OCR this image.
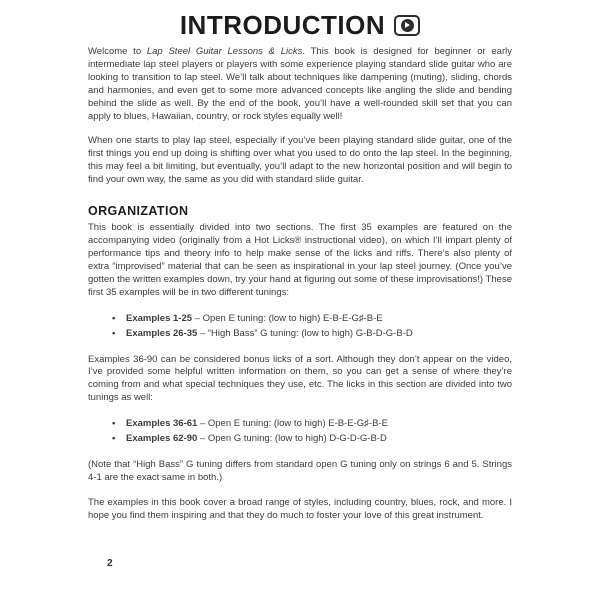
INTRODUCTION

Welcome to Lap Steel Guitar Lessons & Licks. This book is designed for beginner or early intermediate lap steel players or players with some experience playing standard slide guitar who are looking to transition to lap steel. We’ll talk about techniques like dampening (muting), sliding, chords and harmonies, and even get to some more advanced concepts like angling the slide and bending behind the slide as well. By the end of the book, you’ll have a well-rounded skill set that you can apply to blues, Hawaiian, country, or rock styles equally well!

When one starts to play lap steel, especially if you’ve been playing standard slide guitar, one of the first things you end up doing is shifting over what you used to do onto the lap steel. In the beginning, this may feel a bit limiting, but eventually, you’ll adapt to the new horizontal position and will begin to find your own way, the same as you did with standard slide guitar.

ORGANIZATION

This book is essentially divided into two sections. The first 35 examples are featured on the accompanying video (originally from a Hot Licks® instructional video), on which I’ll impart plenty of performance tips and theory info to help make sense of the licks and riffs. There’s also plenty of extra “improvised” material that can be seen as inspirational in your lap steel journey. (Once you’ve gotten the written examples down, try your hand at figuring out some of these improvisations!) These first 35 examples will be in two different tunings:

•	Examples 1-25 – Open E tuning: (low to high) E-B-E-G♯-B-E
•	Examples 26-35 – “High Bass” G tuning: (low to high) G-B-D-G-B-D

Examples 36-90 can be considered bonus licks of a sort. Although they don’t appear on the video, I’ve provided some helpful written information on them, so you can get a sense of where they’re coming from and what special techniques they use, etc. The licks in this section are divided into two tunings as well:

•	Examples 36-61 – Open E tuning: (low to high) E-B-E-G♯-B-E
•	Examples 62-90 – Open G tuning: (low to high) D-G-D-G-B-D

(Note that “High Bass” G tuning differs from standard open G tuning only on strings 6 and 5. Strings 4-1 are the exact same in both.)

The examples in this book cover a broad range of styles, including country, blues, rock, and more. I hope you find them inspiring and that they do much to foster your love of this great instrument.

2
